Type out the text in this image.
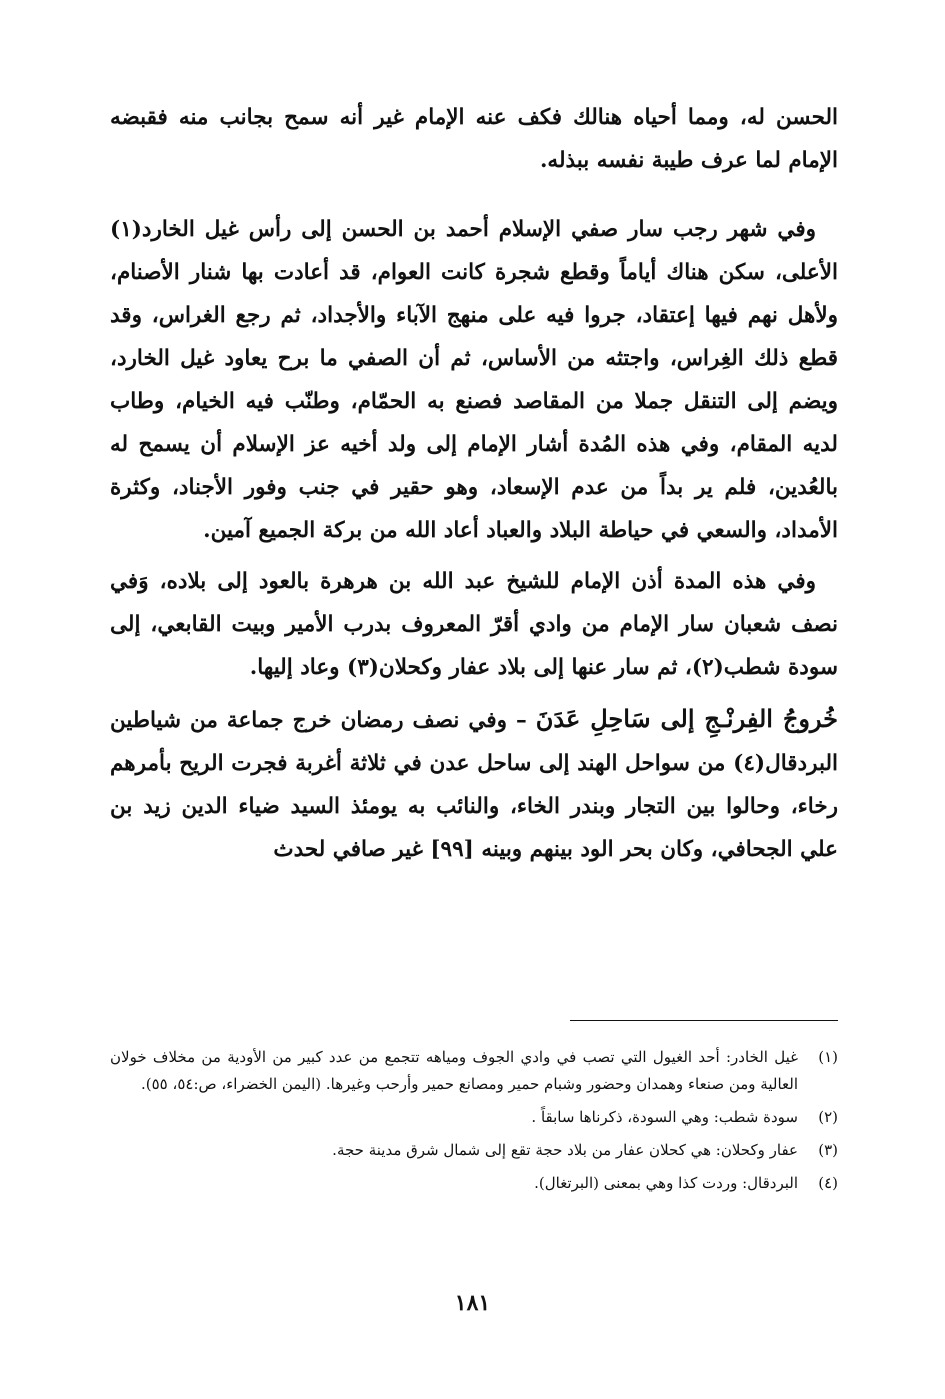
الحسن له، ومما أحياه هنالك فكف عنه الإمام غير أنه سمح بجانب منه فقبضه الإمام لما عرف طيبة نفسه ببذله.

وفي شهر رجب سار صفي الإسلام أحمد بن الحسن إلى رأس غيل الخارد(١) الأعلى، سكن هناك أياماً وقطع شجرة كانت العوام، قد أعادت بها شنار الأصنام، ولأهل نهم فيها إعتقاد، جروا فيه على منهج الآباء والأجداد، ثم رجع الغراس، وقد قطع ذلك الغِراس، واجتثه من الأساس، ثم أن الصفي ما برح يعاود غيل الخارد، ويضم إلى التنقل جملا من المقاصد فصنع به الحمّام، وطنّب فيه الخيام، وطاب لديه المقام، وفي هذه المُدة أشار الإمام إلى ولد أخيه عز الإسلام أن يسمح له بالعُدين، فلم ير بداً من عدم الإسعاد، وهو حقير في جنب وفور الأجناد، وكثرة الأمداد، والسعي في حياطة البلاد والعباد أعاد الله من بركة الجميع آمين.

وفي هذه المدة أذن الإمام للشيخ عبد الله بن هرهرة بالعود إلى بلاده، وَفي نصف شعبان سار الإمام من وادي أقرّ المعروف بدرب الأمير وبيت القابعي، إلى سودة شطب(٢)، ثم سار عنها إلى بلاد عفار وكحلان(٣) وعاد إليها.

خُروجُ الفِرنْـجِ إلى سَاحِلِ عَدَنَ – وفي نصف رمضان خرج جماعة من شياطين البردقال(٤) من سواحل الهند إلى ساحل عدن في ثلاثة أغربة فجرت الريح بأمرهم رخاء، وحالوا بين التجار وبندر الخاء، والنائب به يومئذ السيد ضياء الدين زيد بن علي الجحافي، وكان بحر الود بينهم وبينه [٩٩] غير صافي لحدث

(١)
غيل الخادر: أحد الغيول التي تصب في وادي الجوف ومياهه تتجمع من عدد كبير من الأودية من مخلاف خولان العالية ومن صنعاء وهمدان وحضور وشبام حمير ومصانع حمير وأرحب وغيرها. (اليمن الخضراء، ص:٥٤، ٥٥).
(٢)
سودة شطب: وهي السودة، ذكرناها سابقاً .
(٣)
عفار وكحلان: هي كحلان عفار من بلاد حجة تقع إلى شمال شرق مدينة حجة.
(٤)
البردقال: وردت كذا وهي بمعنى (البرتغال).
١٨١
